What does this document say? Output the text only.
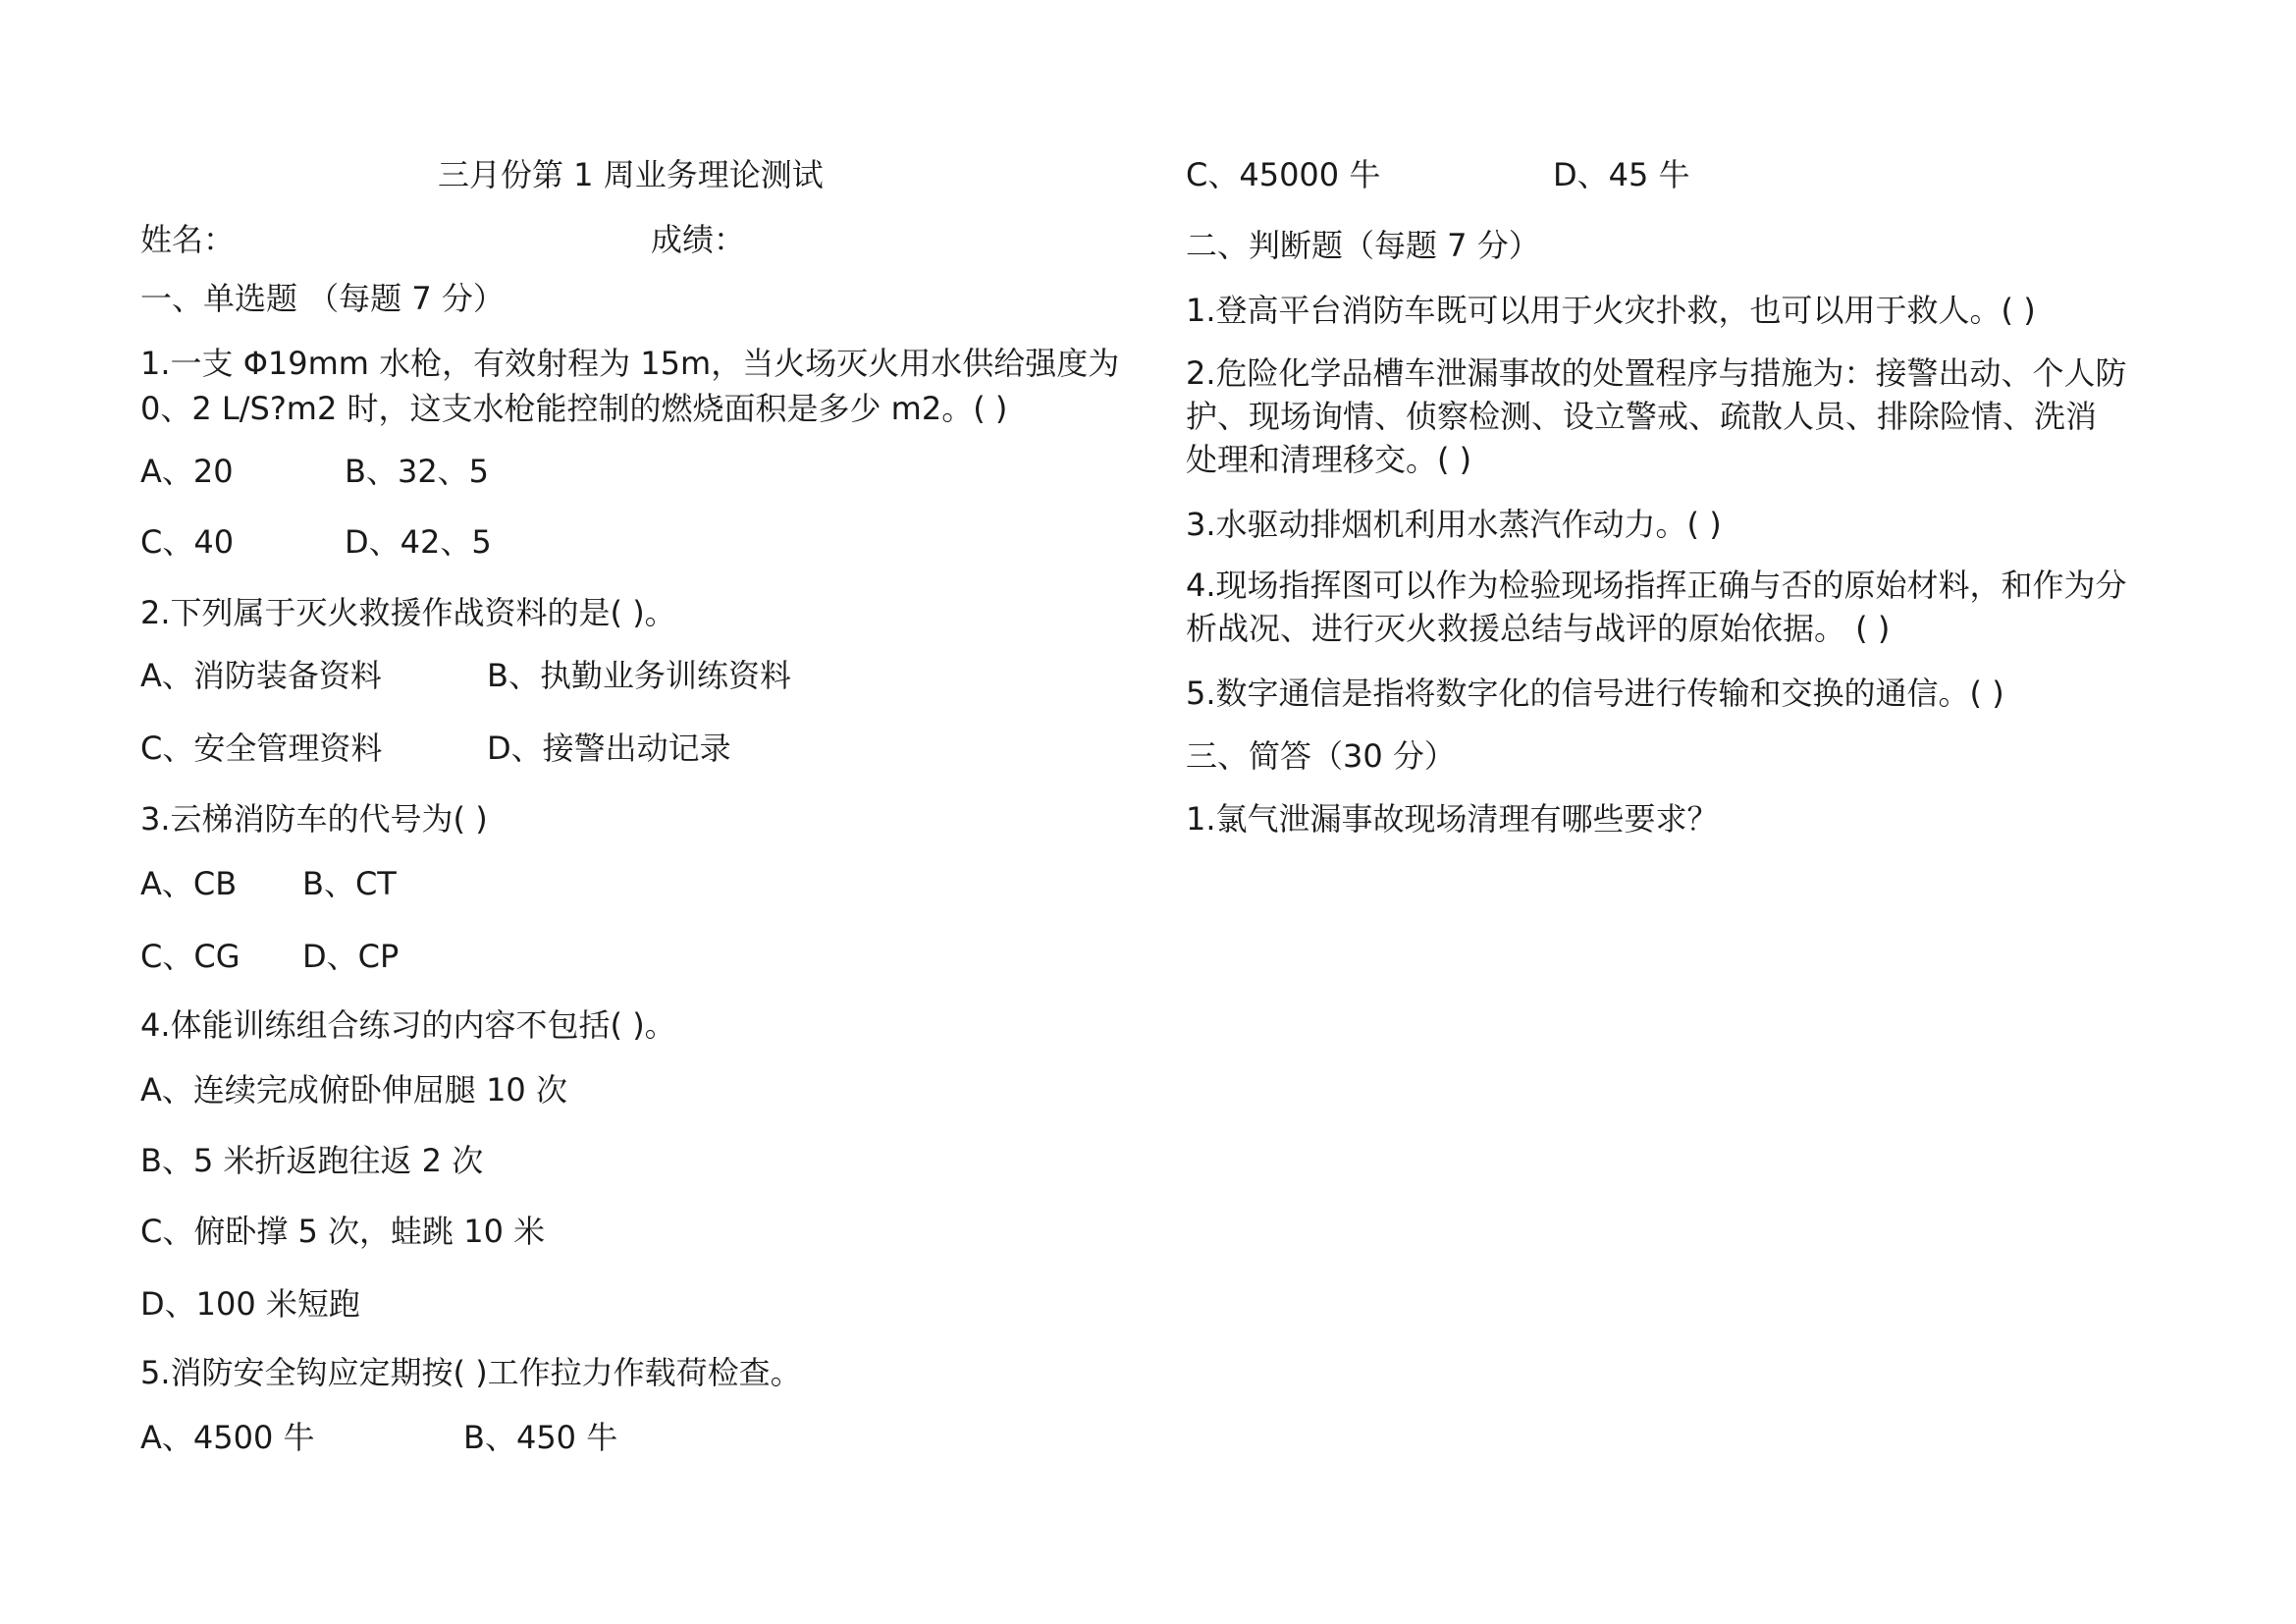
三月份第 1 周业务理论测试
姓名：	成绩：
一、单选题 （每题 7 分）
1.一支 Φ19mm 水枪，有效射程为 15m，当火场灭火用水供给强度为
0、2 L/S?m2 时，这支水枪能控制的燃烧面积是多少 m2。( )
A、20	B、32、5
C、40	D、42、5
2.下列属于灭火救援作战资料的是( )。
A、消防装备资料	B、执勤业务训练资料
C、安全管理资料	D、接警出动记录
3.云梯消防车的代号为( )
A、CB B、CT
C、CG D、CP
4.体能训练组合练习的内容不包括( )。
A、连续完成俯卧伸屈腿 10 次
B、5 米折返跑往返 2 次
C、俯卧撑 5 次，蛙跳 10 米
D、100 米短跑
5.消防安全钩应定期按( )工作拉力作载荷检查。
A、4500 牛	B、450 牛
C、45000 牛	D、45 牛
二、判断题（每题 7 分）
1.登高平台消防车既可以用于火灾扑救，也可以用于救人。( )
2.危险化学品槽车泄漏事故的处置程序与措施为：接警出动、个人防
护、现场询情、侦察检测、设立警戒、疏散人员、排除险情、洗消
处理和清理移交。( )
3.水驱动排烟机利用水蒸汽作动力。( )
4.现场指挥图可以作为检验现场指挥正确与否的原始材料，和作为分
析战况、进行灭火救援总结与战评的原始依据。 ( )
5.数字通信是指将数字化的信号进行传输和交换的通信。( )
三、简答（30 分）
1.氯气泄漏事故现场清理有哪些要求？
